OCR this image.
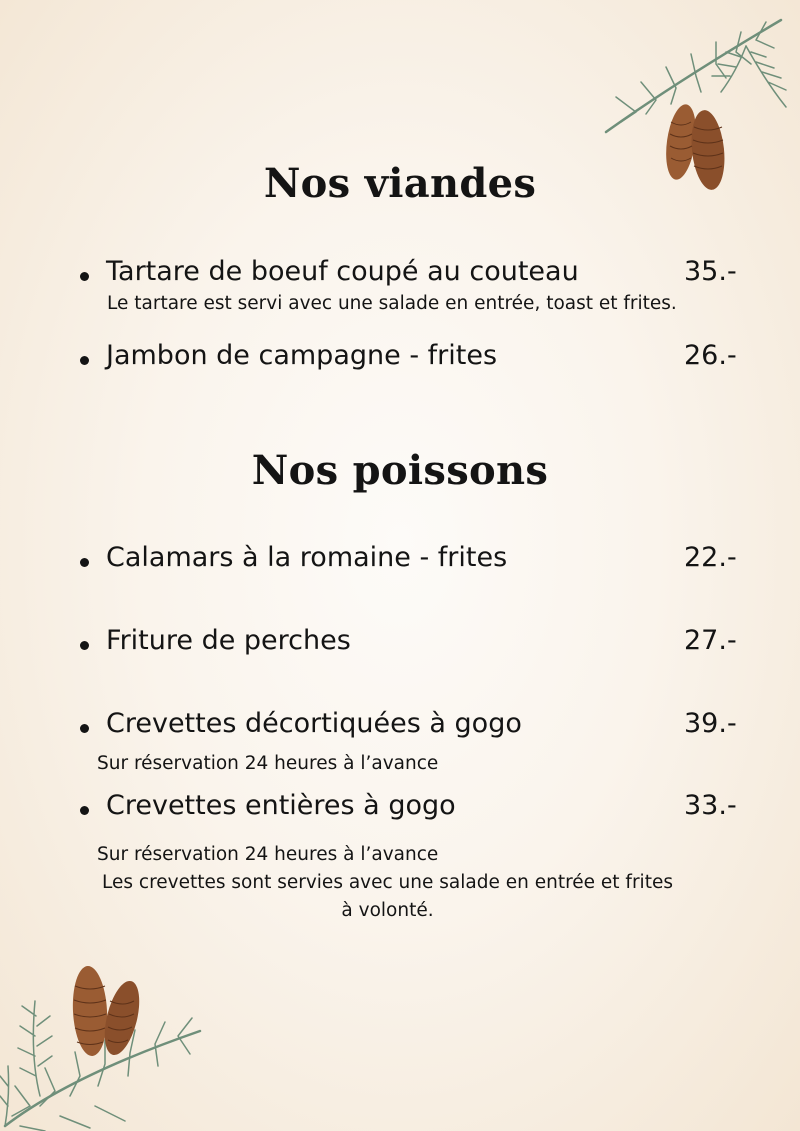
Nos viandes
Tartare de boeuf coupé au couteau	35.-
Le tartare est servi avec une salade en entrée, toast et frites.
Jambon de campagne - frites	26.-
Nos poissons
Calamars à la romaine - frites	22.-
Friture de perches	27.-
Crevettes décortiquées à gogo	39.-
Sur réservation 24 heures à l’avance
Crevettes entières à gogo	33.-
Sur réservation 24 heures à l’avance
Les crevettes sont servies avec une salade en entrée et frites
à volonté.
